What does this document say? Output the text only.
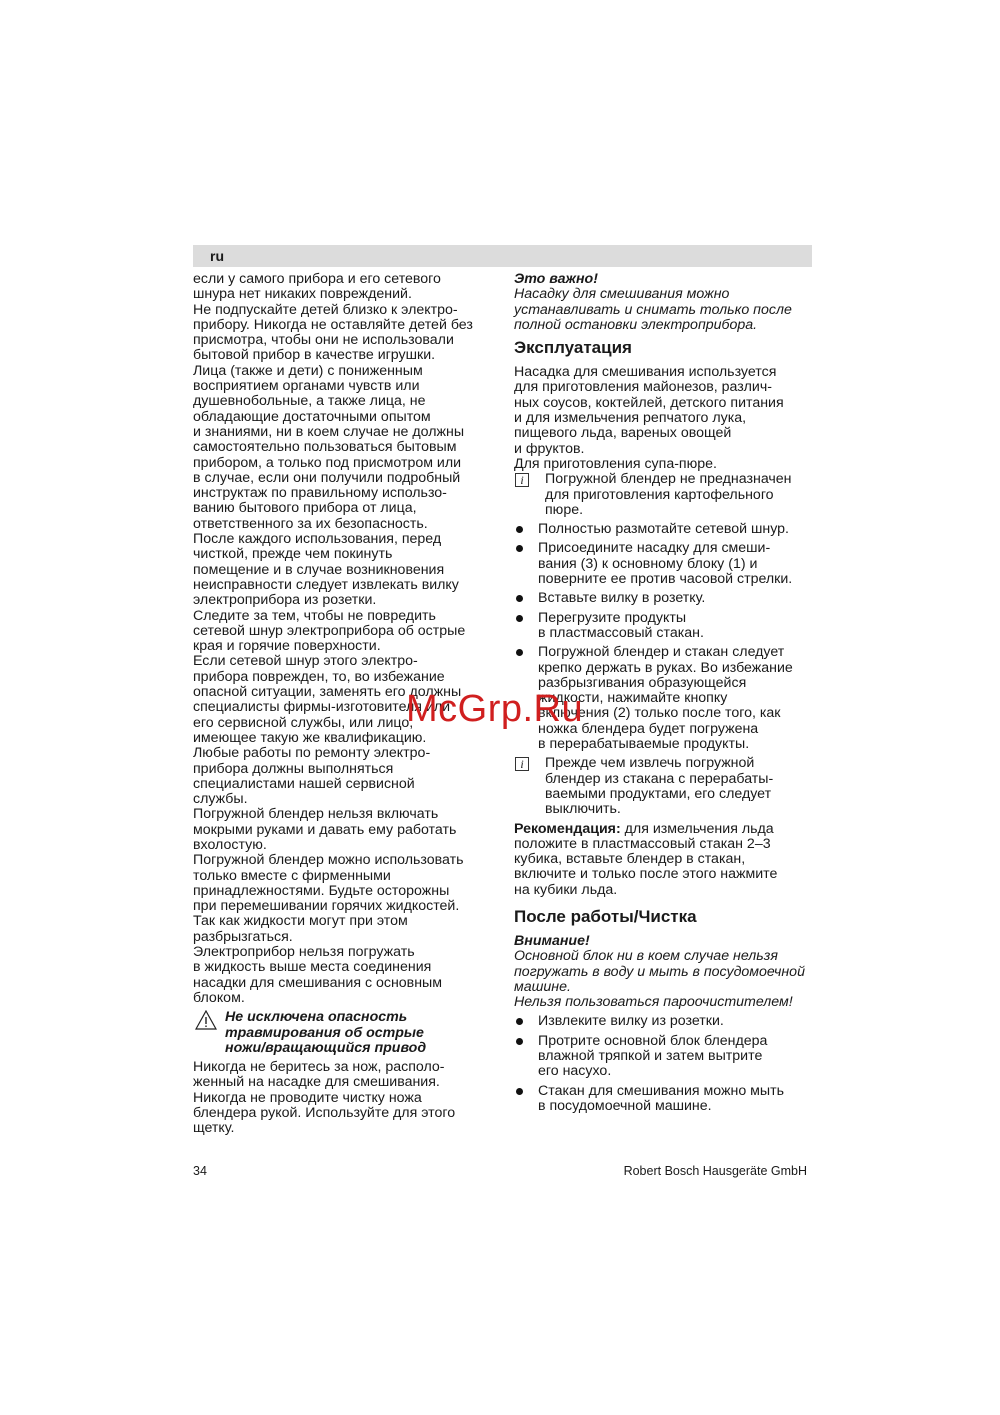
ru
если у самого прибора и его сетевого
шнура нет никаких повреждений.
Не подпускайте детей близко к электро-
прибору. Никогда не оставляйте детей без
присмотра, чтобы они не использовали
бытовой прибор в качестве игрушки.
Лица (также и дети) с пониженным
восприятием органами чувств или
душевнобольные, а также лица, не
обладающие достаточными опытом
и знаниями, ни в коем случае не должны
самостоятельно пользоваться бытовым
прибором, а только под присмотром или
в случае, если они получили подробный
инструктаж по правильному использо-
ванию бытового прибора от лица,
ответственного за их безопасность.
После каждого использования, перед
чисткой, прежде чем покинуть
помещение и в случае возникновения
неисправности следует извлекать вилку
электроприбора из розетки.
Следите за тем, чтобы не повредить
сетевой шнур электроприбора об острые
края и горячие поверхности.
Если сетевой шнур этого электро-
прибора поврежден, то, во избежание
опасной ситуации, заменять его должны
специалисты фирмы-изготовителя или
его сервисной службы, или лицо,
имеющее такую же квалификацию.
Любые работы по ремонту электро-
прибора должны выполняться
специалистами нашей сервисной
службы.
Погружной блендер нельзя включать
мокрыми руками и давать ему работать
вхолостую.
Погружной блендер можно использовать
только вместе с фирменными
принадлежностями. Будьте осторожны
при перемешивании горячих жидкостей.
Так как жидкости могут при этом
разбрызгаться.
Электроприбор нельзя погружать
в жидкость выше места соединения
насадки для смешивания с основным
блоком.
Не исключена опасность
травмирования об острые
ножи/вращающийся привод
Никогда не беритесь за нож, располо-
женный на насадке для смешивания.
Никогда не проводите чистку ножа
блендера рукой. Используйте для этого
щетку.
Это важно!
Насадку для смешивания можно
устанавливать и снимать только после
полной остановки электроприбора.
Эксплуатация
Насадка для смешивания используется
для приготовления майонезов, различ-
ных соусов, коктейлей, детского питания
и для измельчения репчатого лука,
пищевого льда, вареных овощей
и фруктов.
Для приготовления супа-пюре.
i	Погружной блендер не предназначен
для приготовления картофельного
пюре.
Полностью размотайте сетевой шнур.
Присоедините насадку для смеши-
вания (3) к основному блоку (1) и
поверните ее против часовой стрелки.
Вставьте вилку в розетку.
Перегрузите продукты
в пластмассовый стакан.
Погружной блендер и стакан следует
крепко держать в руках. Во избежание
разбрызгивания образующейся
жидкости, нажимайте кнопку
включения (2) только после того, как
ножка блендера будет погружена
в перерабатываемые продукты.
i	Прежде чем извлечь погружной
блендер из стакана с перерабаты-
ваемыми продуктами, его следует
выключить.
Рекомендация: для измельчения льда
положите в пластмассовый стакан 2–3
кубика, вставьте блендер в стакан,
включите и только после этого нажмите
на кубики льда.
После работы/Чистка
Внимание!
Основной блок ни в коем случае нельзя
погружать в воду и мыть в посудомоечной
машине.
Нельзя пользоваться пароочистителем!
Извлеките вилку из розетки.
Протрите основной блок блендера
влажной тряпкой и затем вытрите
его насухо.
Стакан для смешивания можно мыть
в посудомоечной машине.
34	Robert Bosch Hausgeräte GmbH
McGrp.Ru
